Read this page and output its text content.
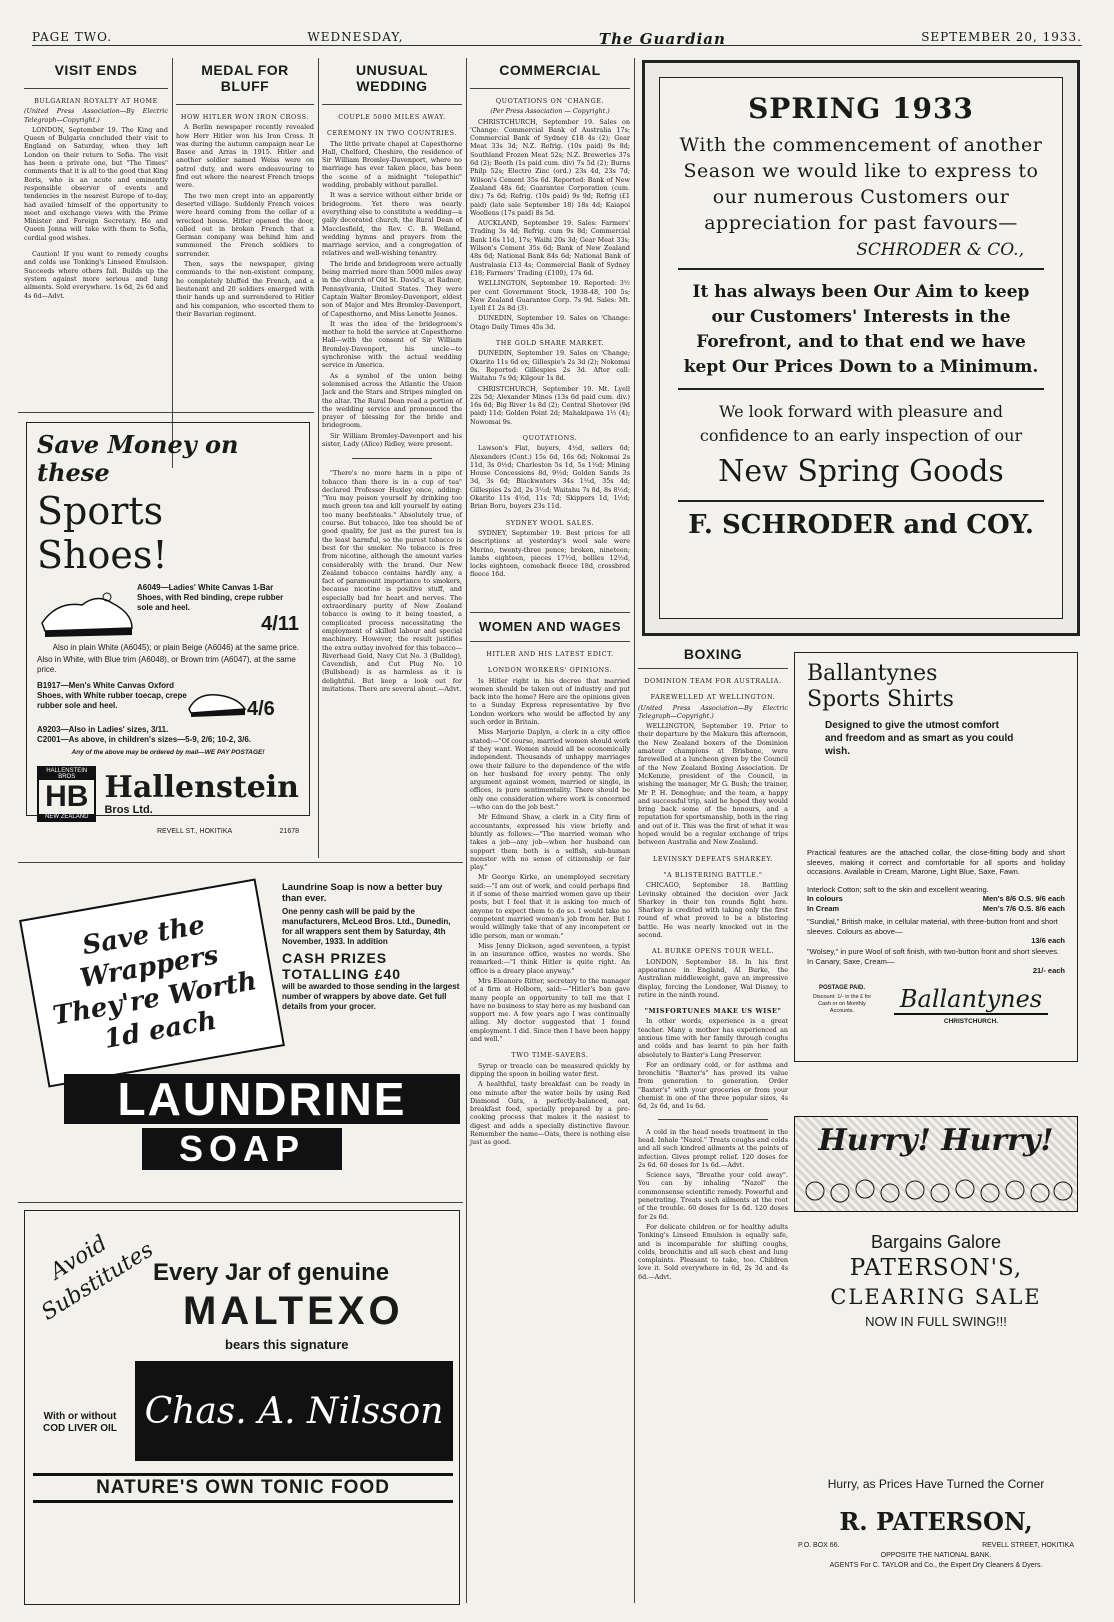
PAGE TWO.	WEDNESDAY,	The Guardian	SEPTEMBER 20, 1933.
VISIT ENDS

BULGARIAN ROYALTY AT HOME

(United Press Association—By Electric Telegraph—Copyright.)

LONDON, September 19. The King and Queen of Bulgaria concluded their visit to England on Saturday, when they left London on their return to Sofia. The visit has been a private one, but "The Times" comments that it is all to the good that King Boris, who is an acute and eminently responsible observer of events and tendencies in the nearest Europe of to-day, had availed himself of the opportunity to meet and exchange views with the Prime Minister and Foreign Secretary. He and Queen Jonna will take with them to Sofia, cordial good wishes.

Caution! If you want to remedy coughs and colds use Tonking's Linseed Emulsion. Succeeds where others fail. Builds up the system against more serious and lung ailments. Sold everywhere. 1s 6d, 2s 6d and 4s 6d—Advt.

MEDAL FOR BLUFF

HOW HITLER WON IRON CROSS.

A Berlin newspaper recently revealed how Herr Hitler won his Iron Cross. It was during the autumn campaign near Le Basee and Arras in 1915. Hitler and another soldier named Weiss were on patrol duty, and were endeavouring to find out where the nearest French troops were.

The two men crept into an apparently deserted village. Suddenly French voices were heard coming from the cellar of a wrecked house. Hitler opened the door, called out in broken French that a German company was behind him and summoned the French soldiers to surrender.

Then, says the newspaper, giving commands to the non-existent company, he completely bluffed the French, and a lieutenant and 20 soldiers emerged with their hands up and surrendered to Hitler and his companion, who escorted them to their Bavarian regiment.

UNUSUAL WEDDING

COUPLE 5000 MILES AWAY.

CEREMONY IN TWO COUNTRIES.

The little private chapel at Capesthorne Hall, Chelford, Cheshire, the residence of Sir William Bromley-Davenport, where no marriage has ever taken place, has been the scene of a midnight "telepathic" wedding, probably without parallel.

It was a service without either bride or bridegroom. Yet there was nearly everything else to constitute a wedding—a gaily decorated church, the Rural Dean of Macclesfield, the Rev. C. B. Welland, wedding hymns and prayers from the marriage service, and a congregation of relatives and well-wishing tenantry.

The bride and bridegroom were actually being married more than 5000 miles away in the church of Old St. David's, at Radnor, Pennsylvania, United States. They were Captain Walter Bromley-Davenport, eldest son of Major and Mrs Bromley-Davenport, of Capesthorne, and Miss Lenette Jeanes.

It was the idea of the bridegroom's mother to hold the service at Capesthorne Hall—with the consent of Sir William Bromley-Davenport, his uncle—to synchronise with the actual wedding service in America.

As a symbol of the union being solemnised across the Atlantic the Union Jack and the Stars and Stripes mingled on the altar. The Rural Dean read a portion of the wedding service and pronounced the prayer of blessing for the bride and bridegroom.

Sir William Bromley-Davenport and his sister, Lady (Alice) Ridley, were present.

"There's no more harm in a pipe of tobacco than there is in a cup of tea" declared Professor Huxley once, adding: "You may poison yourself by drinking too much green tea and kill yourself by eating too many beefsteaks." Absolutely true, of course. But tobacco, like tea should be of good quality, for just as the purest tea is the least harmful, so the purest tobacco is best for the smoker. No tobacco is free from nicotine, although the amount varies considerably with the brand. Our New Zealand tobacco contains hardly any, a fact of paramount importance to smokers, because nicotine is positive stuff, and especially bad for heart and nerves. The extraordinary purity of New Zealand tobacco is owing to it being toasted, a complicated process necessitating the employment of skilled labour and special machinery. However, the result justifies the extra outlay involved for this tobacco—Riverhead Gold, Navy Cut No. 3 (Bulldog), Cavendish, and Cut Plug No. 10 (Bullshead) is as harmless as it is delightful. But keep a look out for imitations. There are several about.—Advt.

COMMERCIAL

QUOTATIONS ON 'CHANGE.

(Per Press Association — Copyright.)

CHRISTCHURCH, September 19. Sales on 'Change: Commercial Bank of Australia 17s; Commercial Bank of Sydney £18 4s (2); Gear Meat 33s 3d; N.Z. Refrig. (10s paid) 9s 8d; Southland Frozen Meat 52s; N.Z. Breweries 37s 6d (2); Booth (1s paid cum. div) 7s 5d (2); Burns Philp 52s; Electro Zinc (ord.) 23s 4d, 23s 7d; Wilson's Cement 35s 6d. Reported: Bank of New Zealand 48s 6d; Guarantee Corporation (cum. div.) 7s 6d; Refrig. (10s paid) 9s 9d; Refrig (£1 paid) (late sale September 18) 18s 4d; Kaiapoi Woollens (17s paid) 8s 5d.

AUCKLAND, September 19. Sales: Farmers' Trading 3s 4d; Refrig. cum 9s 8d; Commercial Bank 16s 11d, 17s; Waihi 20s 3d; Gear Meat 33s; Wilson's Cement 35s 6d; Bank of New Zealand 48s 6d; National Bank 84s 6d; National Bank of Australasia £13 4s; Commercial Bank of Sydney £18; Farmers' Trading (£100), 17s 6d.

WELLINGTON, September 19. Reported: 3½ per cent Government Stock, 1938-48, 100 5s; New Zealand Guarantee Corp. 7s 9d. Sales: Mt. Lyell £1 2s 8d (3).

DUNEDIN, September 19. Sales on 'Change: Otago Daily Times 45s 3d.

THE GOLD SHARE MARKET.

DUNEDIN, September 19. Sales on 'Change; Okarito 11s 6d ex; Gillespie's 2s 3d (2); Nokomai 9s. Reported: Gillespies 2s 3d. After call: Waitahu 7s 9d; Kilgour 1s 8d.

CHRISTCHURCH, September 19. Mt. Lyell 22s 5d; Alexander Mines (13s 6d paid cum. div.) 16s 6d; Big River 1s 8d (2); Central Shotover (9d paid) 11d; Golden Point 2d; Mahakipawa 1½ (4); Nowomai 9s.

QUOTATIONS.

Lawson's Flat, buyers, 4½d, sellers 6d; Alexanders (Cont.) 15s 6d, 16s 6d; Nokomai 2s 11d, 3s 0½d; Charleston 5s 1d, 5s 1½d; Mining House Concessions 8d, 9½d; Golden Sands 3s 3d, 3s 6d; Blackwaters 34s 1½d, 35s 4d; Gillespies 2s 2d, 2s 3½d; Waitahu 7s 8d, 8s 8½d; Okarito 11s 4½d, 11s 7d; Skippers 1d, 1½d; Brian Boru, buyers 23s 11d.

SYDNEY WOOL SALES.

SYDNEY, September 19. Best prices for all descriptions at yesterday's wool sale were Merino, twenty-three pence; broken, nineteen; lambs eighteen, pieces 17½d, bellies 12½d, locks eighteen, comeback fleece 18d, crossbred fleece 16d.

WOMEN AND WAGES

HITLER AND HIS LATEST EDICT.

LONDON WORKERS' OPINIONS.

Is Hitler right in his decree that married women should be taken out of industry and put back into the home? Here are the opinions given to a Sunday Express representative by five London workers who would be affected by any such order in Britain.

Miss Marjorie Daplyn, a clerk in a city office stated:—"Of course, married women should work if they want. Women should all be economically independent. Thousands of unhappy marriages owe their failure to the dependence of the wife on her husband for every penny. The only argument against women, married or single, in offices, is pure sentimentality. There should be only one consideration where work is concerned—who can do the job best."

Mr Edmund Shaw, a clerk in a City firm of accountants, expressed his view briefly and bluntly as follows:—"The married woman who takes a job—any job—when her husband can support them both is a selfish, sub-human monster with no sense of citizenship or fair play."

Mr George Kirke, an unemployed secretary said:—"I am out of work, and could perhaps find it if some of these married women gave up their posts, but I feel that it is asking too much of anyone to expect them to do so. I would take no competent married woman's job from her. But I would willingly take that of any incompetent or idle person, man or woman."

Miss Jenny Dickson, aged seventeen, a typist in an insurance office, wastes no words. She remarked:—"I think Hitler is quite right. An office is a dreary place anyway."

Mrs Eleanore Ritter, secretary to the manager of a firm at Holborn, said:—"Hitler's ban gave many people an opportunity to tell me that I have no business to stay here as my husband can support me. A few years ago I was continually ailing. My doctor suggested that I found employment. I did. Since then I have been happy and well."

TWO TIME-SAVERS.

Syrup or treacle can be measured quickly by dipping the spoon in boiling water first.

A healthful, tasty breakfast can be ready in one minute after the water boils by using Red Diamond Oats, a perfectly-balanced, oat, breakfast food, specially prepared by a pre-cooking process that makes it the easiest to digest and adds a specially distinctive flavour. Remember the name—Oats, there is nothing else just as good.

BOXING

DOMINION TEAM FOR AUSTRALIA.

FAREWELLED AT WELLINGTON.

(United Press Association—By Electric Telegraph—Copyright.)

WELLINGTON, September 19. Prior to their departure by the Makura this afternoon, the New Zealand boxers of the Dominion amateur champions at Brisbane, were farewelled at a luncheon given by the Council of the New Zealand Boxing Association. Dr McKenzie, president of the Council, in wishing the manager, Mr G. Bush; the trainer, Mr P. H. Donoghue; and the team, a happy and successful trip, said he hoped they would bring back some of the honours, and a reputation for sportsmanship, both in the ring and out of it. This was the first of what it was hoped would be a regular exchange of trips between Australia and New Zealand.

LEVINSKY DEFEATS SHARKEY.

"A BLISTERING BATTLE."

CHICAGO, September 18. Battling Levinsky obtained the decision over Jack Sharkey in their ten rounds fight here. Sharkey is credited with taking only the first round of what proved to be a blistering battle. He was nearly knocked out in the second.

AL BURKE OPENS TOUR WELL.

LONDON, September 18. In his first appearance in England, Al Burke, the Australian middleweight, gave an impressive display, forcing the Londoner, Wal Disney, to retire in the ninth round.

"MISFORTUNES MAKE US WISE"

In other words, experience is a great teacher. Many a mother has experienced an anxious time with her family through coughs and colds and has learnt to pin her faith absolutely to Baxter's Lung Preserver.

For an ordinary cold, or for asthma and bronchitis "Baxter's" has proved its value from generation to generation. Order "Baxter's" with your groceries or from your chemist in one of the three popular sizes, 4s 6d, 2s 6d, and 1s 6d.

A cold in the head needs treatment in the head. Inhale "Nazol." Treats coughs and colds and all such kindred ailments at the points of infection. Gives prompt relief. 120 doses for 2s 6d. 60 doses for 1s 6d.—Advt.

Science says, "Breathe your cold away". You can by inhaling "Nazol" the commonsense scientific remedy. Powerful and penetrating. Treats such ailments at the root of the trouble. 60 doses for 1s 6d. 120 doses for 2s 6d.

For delicate children or for healthy adults Tonking's Linseed Emulsion is equally safe, and is incomparable for shifting coughs, colds, bronchitis and all such chest and lung complaints. Pleasant to take, too. Children love it. Sold everywhere in 6d, 2s 3d and 4s 6d.—Advt.

Save Money on these
Sports Shoes!
A6049—Ladies' White Canvas 1-Bar Shoes, with Red binding, crepe rubber sole and heel.
4/11
Also in plain White (A6045); or plain Beige (A6046) at the same price.
Also in White, with Blue trim (A6048), or Brown trim (A6047), at the same price.
B1917—Men's White Canvas Oxford Shoes, with White rubber toecap, crepe rubber sole and heel.	4/6
A9203—Also in Ladies' sizes, 3/11.
C2001—As above, in children's sizes—5-9, 2/6; 10-2, 3/6.
Any of the above may be ordered by mail—WE PAY POSTAGE!
HALLENSTEIN BROS
HB
NEW ZEALAND
Hallenstein
Bros Ltd.
REVELL ST., HOKITIKA	21678
Save the Wrappers They're Worth 1d each
Laundrine Soap is now a better buy than ever.
One penny cash will be paid by the manufacturers, McLeod Bros. Ltd., Dunedin, for all wrappers sent them by Saturday, 4th November, 1933. In addition
CASH PRIZES
TOTALLING £40
will be awarded to those sending in the largest number of wrappers by above date. Get full details from your grocer.
LAUNDRINE
SOAP
Avoid Substitutes
Every Jar of genuine
MALTEXO
bears this signature
With or without COD LIVER OIL Chas. A. Nilsson
NATURE'S OWN TONIC FOOD
SPRING 1933
With the commencement of another Season we would like to express to our numerous Customers our appreciation for past favours—
SCHRODER & CO.,
It has always been Our Aim to keep our Customers' Interests in the Forefront, and to that end we have kept Our Prices Down to a Minimum.
We look forward with pleasure and confidence to an early inspection of our
New Spring Goods
F. SCHRODER and COY.
Ballantynes
Sports Shirts
Designed to give the utmost comfort and freedom and as smart as you could wish.
Practical features are the attached collar, the close-fitting body and short sleeves, making it correct and comfortable for all sports and holiday occasions. Available in Cream, Marone, Light Blue, Saxe, Fawn.
Interlock Cotton; soft to the skin and excellent wearing.
In colours	Men's 8/6 O.S. 9/6 each
In Cream	Men's 7/6 O.S. 8/6 each
"Sundial," British make, in cellular material, with three-button front and short sleeves. Colours as above—
13/6 each
"Wolsey," in pure Wool of soft finish, with two-button front and short sleeves. In Canary, Saxe, Cream—
21/- each
POSTAGE PAID.
Discount: 1/- in the £ for Cash or on Monthly Accounts.	Ballantynes
CHRISTCHURCH.
Hurry! Hurry!
Bargains Galore
PATERSON'S,
CLEARING SALE
NOW IN FULL SWING!!!
Hurry, as Prices Have Turned the Corner
R. PATERSON,
P.O. BOX 66.	REVELL STREET, HOKITIKA
OPPOSITE THE NATIONAL BANK.
AGENTS For C. TAYLOR and Co., the Expert Dry Cleaners & Dyers.
